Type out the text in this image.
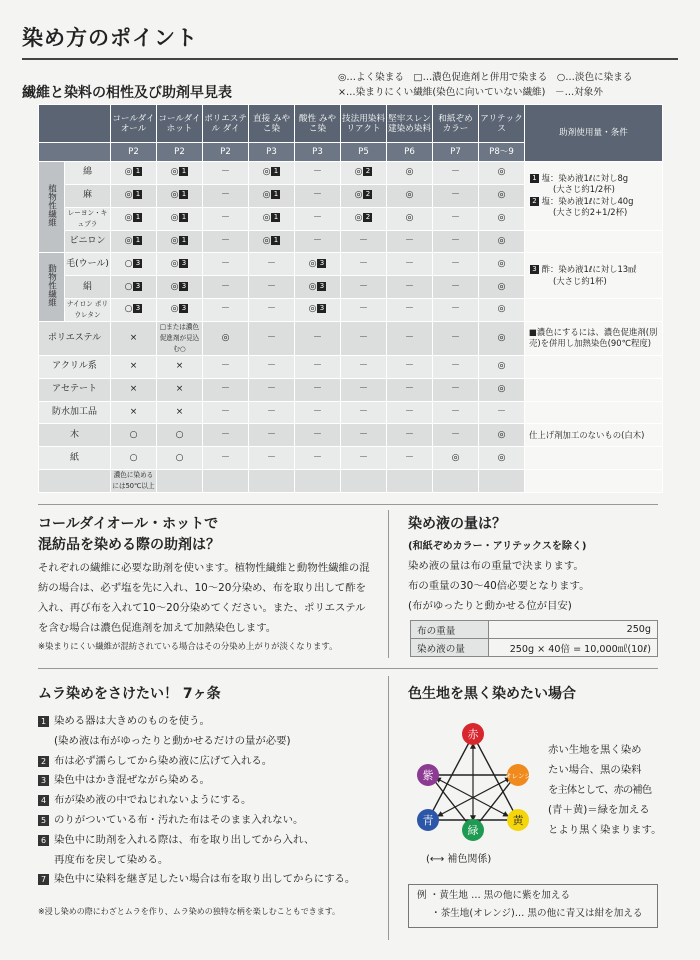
染め方のポイント
繊維と染料の相性及び助剤早見表
◎…よく染まる　□…濃色促進剤と併用で染まる　○…淡色に染まる
×…染まりにくい繊維(染色に向いていない繊維)　－…対象外
		コールダイ オール	コールダイ ホット	ポリエステル ダイ	直接 みやこ染	酸性 みやこ染	技法用染料 リアクト	堅牢スレン 建染め染料	和紙ぞめ カラー	アリテックス	助剤使用量・条件
		P2	P2	P2	P3	P3	P5	P6	P7	P8～9	
植物性繊維	綿	◎ 1	◎ 1	－	◎ 1	－	◎ 2	◎	－	◎	1 塩：染め液1ℓに対し8g
(大さじ約1/2杯)
2 塩：染め液1ℓに対し40g
(大さじ約2+1/2杯)

	麻	◎ 1	◎ 1	－	◎ 1	－	◎ 2	◎	－	◎	
	レーヨン・キュプラ	◎ 1	◎ 1	－	◎ 1	－	◎ 2	◎	－	◎	
	ビニロン	◎ 1	◎ 1	－	◎ 1	－	－	－	－	◎	
動物性繊維	毛(ウール)	○ 3	◎ 3	－	－	◎ 3	－	－	－	◎	3 酢：染め液1ℓに対し13㎖
(大さじ約1杯)

	絹	○ 3	◎ 3	－	－	◎ 3	－	－	－	◎	
	ナイロン ポリウレタン	○ 3	◎ 3	－	－	◎ 3	－	－	－	◎	
ポリエステル		×	□または濃色促進剤が見込む○	◎	－	－	－	－	－	◎	■濃色にするには、濃色促進剤(別売)を併用し加熱染色(90℃程度)
アクリル系		×	×	－	－	－	－	－	－	◎	
アセテート		×	×	－	－	－	－	－	－	◎	
防水加工品		×	×	－	－	－	－	－	－	－	
木		○	○	－	－	－	－	－	－	◎	仕上げ剤加工のないもの(白木)
紙		○	○	－	－	－	－	－	◎	◎	
		濃色に染めるには50℃以上									
コールダイオール・ホットで
混紡品を染める際の助剤は？
それぞれの繊維に必要な助剤を使います。植物性繊維と動物性繊維の混紡の場合は、必ず塩を先に入れ、10～20分染め、布を取り出して酢を入れ、再び布を入れて10～20分染めてください。また、ポリエステルを含む場合は濃色促進剤を加えて加熱染色します。
※染まりにくい繊維が混紡されている場合はその分染め上がりが淡くなります。
染め液の量は？
(和紙ぞめカラー・アリテックスを除く)
染め液の量は布の重量で決まります。
布の重量の30～40倍必要となります。
(布がゆったりと動かせる位が目安)
布の重量	250g
染め液の量	250g × 40倍 = 10,000㎖(10ℓ)
ムラ染めをさけたい！ 7ヶ条
1 染める器は大きめのものを使う。
(染め液は布がゆったりと動かせるだけの量が必要)
2 布は必ず濡らしてから染め液に広げて入れる。
3 染色中はかき混ぜながら染める。
4 布が染め液の中でねじれないようにする。
5 のりがついている布・汚れた布はそのまま入れない。
6 染色中に助剤を入れる際は、布を取り出してから入れ、
再度布を戻して染める。
7 染色中に染料を継ぎ足したい場合は布を取り出してからにする。
※浸し染めの際にわざとムラを作り、ムラ染めの独特な柄を楽しむこともできます。
色生地を黒く染めたい場合
赤
紫	オレンジ
青
緑
黄
(⟷ 補色関係)
赤い生地を黒く染め
たい場合、黒の染料
を主体として、赤の補色
(青＋黄)＝緑を加える
とより黒く染まります。
例 ・黄生地 … 黒の他に紫を加える
・茶生地(オレンジ)… 黒の他に青又は紺を加える
